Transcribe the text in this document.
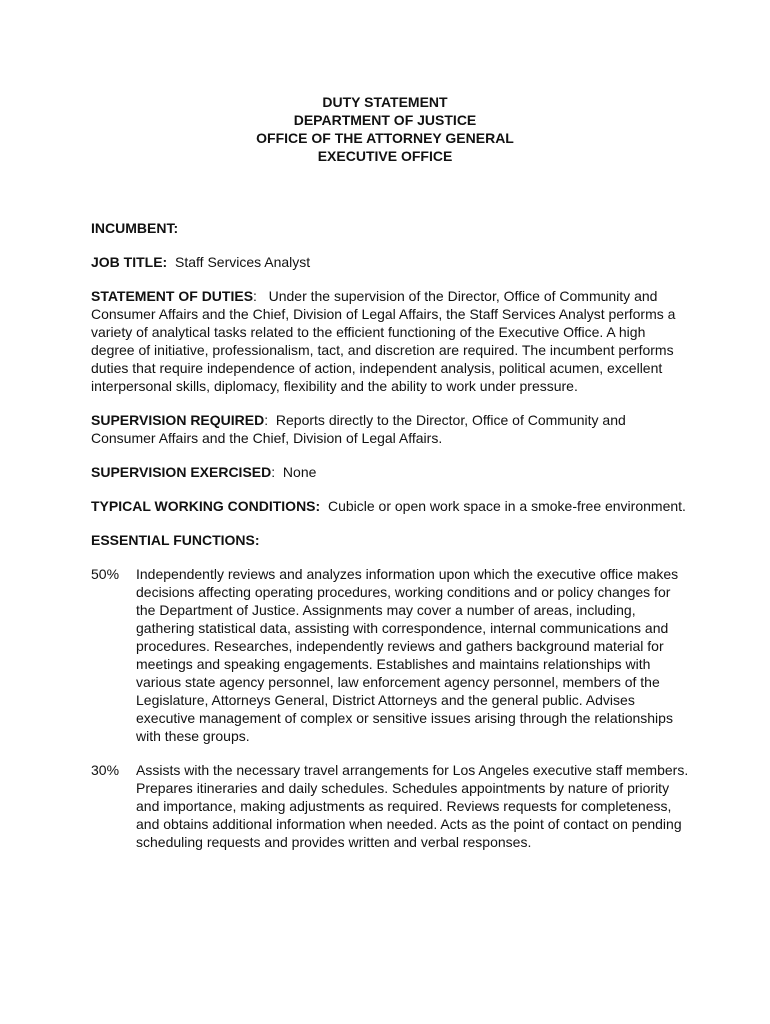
DUTY STATEMENT
DEPARTMENT OF JUSTICE
OFFICE OF THE ATTORNEY GENERAL
EXECUTIVE OFFICE
INCUMBENT:
JOB TITLE: Staff Services Analyst
STATEMENT OF DUTIES: Under the supervision of the Director, Office of Community and Consumer Affairs and the Chief, Division of Legal Affairs, the Staff Services Analyst performs a variety of analytical tasks related to the efficient functioning of the Executive Office. A high degree of initiative, professionalism, tact, and discretion are required. The incumbent performs duties that require independence of action, independent analysis, political acumen, excellent interpersonal skills, diplomacy, flexibility and the ability to work under pressure.
SUPERVISION REQUIRED: Reports directly to the Director, Office of Community and Consumer Affairs and the Chief, Division of Legal Affairs.
SUPERVISION EXERCISED: None
TYPICAL WORKING CONDITIONS: Cubicle or open work space in a smoke-free environment.
ESSENTIAL FUNCTIONS:
50%	Independently reviews and analyzes information upon which the executive office makes decisions affecting operating procedures, working conditions and or policy changes for the Department of Justice. Assignments may cover a number of areas, including, gathering statistical data, assisting with correspondence, internal communications and procedures. Researches, independently reviews and gathers background material for meetings and speaking engagements. Establishes and maintains relationships with various state agency personnel, law enforcement agency personnel, members of the Legislature, Attorneys General, District Attorneys and the general public. Advises executive management of complex or sensitive issues arising through the relationships with these groups.
30%	Assists with the necessary travel arrangements for Los Angeles executive staff members. Prepares itineraries and daily schedules. Schedules appointments by nature of priority and importance, making adjustments as required. Reviews requests for completeness, and obtains additional information when needed. Acts as the point of contact on pending scheduling requests and provides written and verbal responses.
